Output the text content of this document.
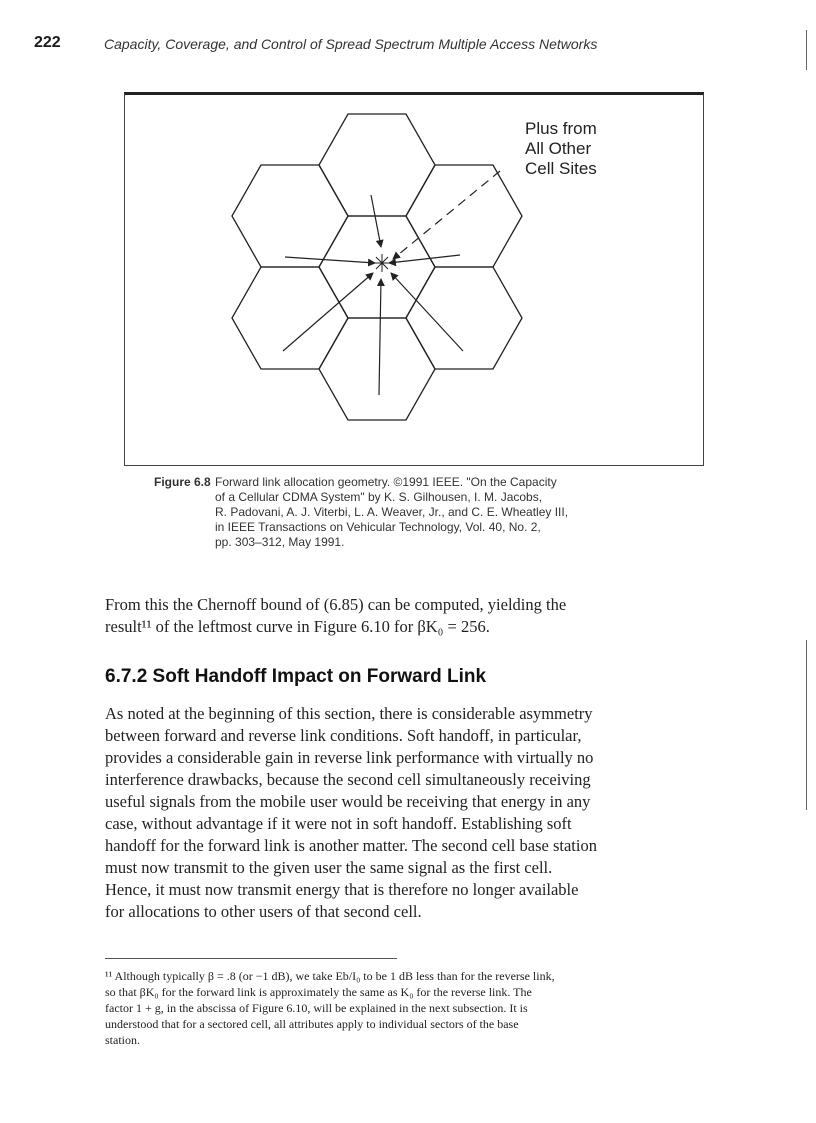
222	Capacity, Coverage, and Control of Spread Spectrum Multiple Access Networks
Plus from
All Other
Cell Sites
Figure 6.8 Forward link allocation geometry. ©1991 IEEE. "On the Capacity
of a Cellular CDMA System" by K. S. Gilhousen, I. M. Jacobs,
R. Padovani, A. J. Viterbi, L. A. Weaver, Jr., and C. E. Wheatley III,
in IEEE Transactions on Vehicular Technology, Vol. 40, No. 2,
pp. 303–312, May 1991.
From this the Chernoff bound of (6.85) can be computed, yielding the
result¹¹ of the leftmost curve in Figure 6.10 for βK₀ = 256.
6.7.2 Soft Handoff Impact on Forward Link
As noted at the beginning of this section, there is considerable asymmetry
between forward and reverse link conditions. Soft handoff, in particular,
provides a considerable gain in reverse link performance with virtually no
interference drawbacks, because the second cell simultaneously receiving
useful signals from the mobile user would be receiving that energy in any
case, without advantage if it were not in soft handoff. Establishing soft
handoff for the forward link is another matter. The second cell base station
must now transmit to the given user the same signal as the first cell.
Hence, it must now transmit energy that is therefore no longer available
for allocations to other users of that second cell.
¹¹ Although typically β = .8 (or −1 dB), we take Eb/I₀ to be 1 dB less than for the reverse link,
so that βK₀ for the forward link is approximately the same as K₀ for the reverse link. The
factor 1 + g, in the abscissa of Figure 6.10, will be explained in the next subsection. It is
understood that for a sectored cell, all attributes apply to individual sectors of the base
station.
